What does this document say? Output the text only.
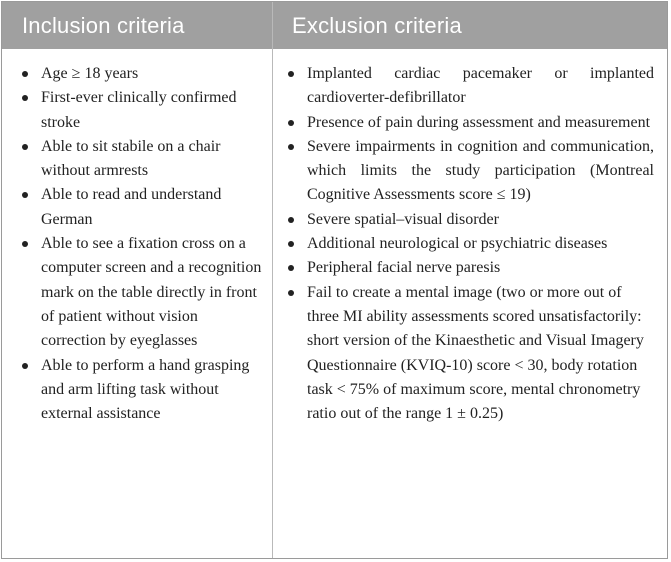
Inclusion criteria	Exclusion criteria
Age ≥ 18 years
First-ever clinically confirmed stroke
Able to sit stabile on a chair without armrests
Able to read and understand German
Able to see a fixation cross on a computer screen and a recognition mark on the table directly in front of patient without vision correction by eyeglasses
Able to perform a hand grasping and arm lifting task without external assistance
Implanted cardiac pacemaker or implanted cardioverter-defibrillator
Presence of pain during assessment and measurement
Severe impairments in cognition and communication, which limits the study participation (Montreal Cognitive Assessments score ≤ 19)
Severe spatial–visual disorder
Additional neurological or psychiatric diseases
Peripheral facial nerve paresis
Fail to create a mental image (two or more out of three MI ability assessments scored unsatisfactorily: short version of the Kinaesthetic and Visual Imagery Questionnaire (KVIQ-10) score < 30, body rotation task < 75% of maximum score, mental chronometry ratio out of the range 1 ± 0.25)
